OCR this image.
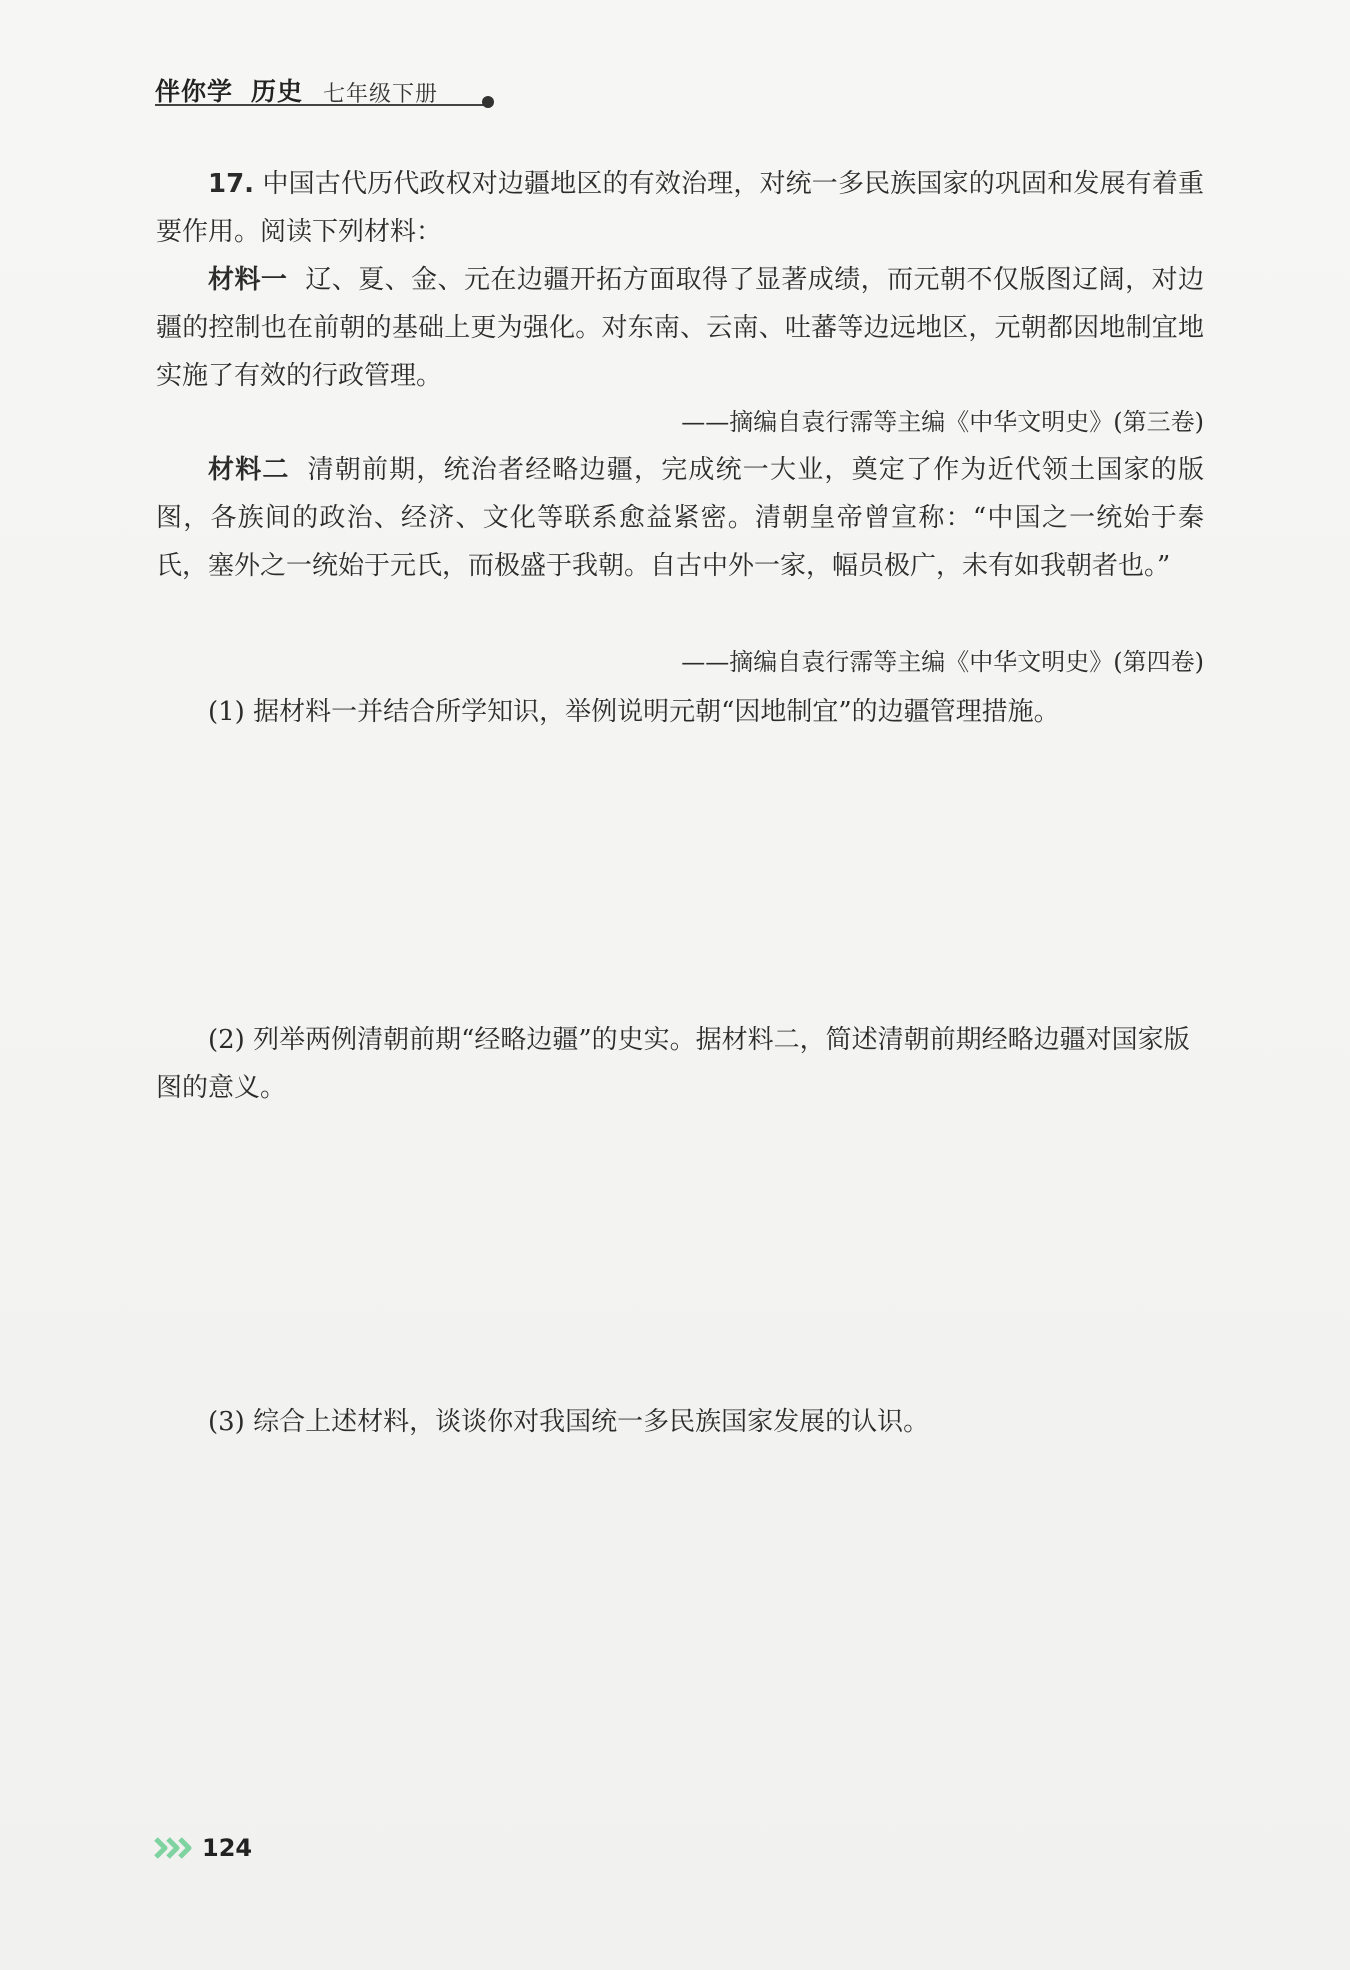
伴你学 历史 七年级下册
17. 中国古代历代政权对边疆地区的有效治理，对统一多民族国家的巩固和发展有着重要作用。阅读下列材料：
材料一 辽、夏、金、元在边疆开拓方面取得了显著成绩，而元朝不仅版图辽阔，对边疆的控制也在前朝的基础上更为强化。对东南、云南、吐蕃等边远地区，元朝都因地制宜地实施了有效的行政管理。
——摘编自袁行霈等主编《中华文明史》(第三卷)
材料二 清朝前期，统治者经略边疆，完成统一大业，奠定了作为近代领土国家的版图，各族间的政治、经济、文化等联系愈益紧密。清朝皇帝曾宣称：“中国之一统始于秦氏，塞外之一统始于元氏，而极盛于我朝。自古中外一家，幅员极广，未有如我朝者也。”
——摘编自袁行霈等主编《中华文明史》(第四卷)
(1) 据材料一并结合所学知识，举例说明元朝“因地制宜”的边疆管理措施。
(2) 列举两例清朝前期“经略边疆”的史实。据材料二，简述清朝前期经略边疆对国家版图的意义。
(3) 综合上述材料，谈谈你对我国统一多民族国家发展的认识。
124
